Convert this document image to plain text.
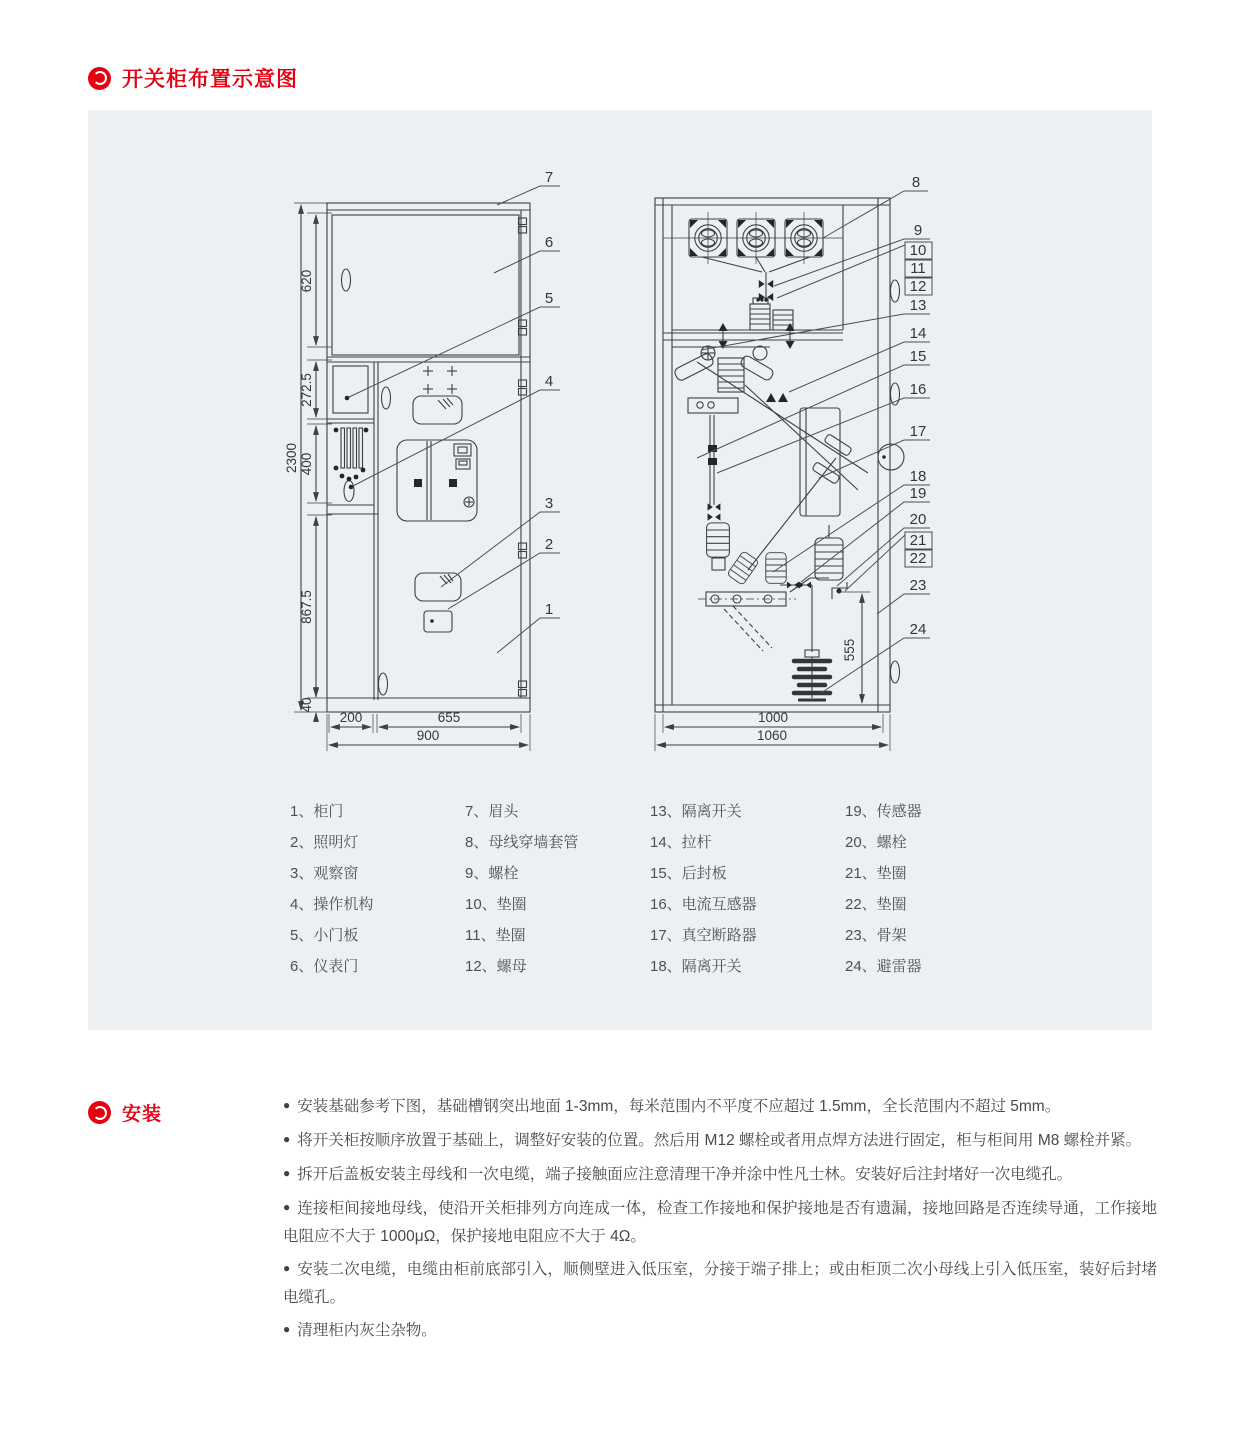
开关柜布置示意图
620
272.5
2300 400
867.5
40
200	655
900
7
6
5
4
3
2
1
555
1000
1060
8
9
10
11
12
13
14
15
16
17
18
19
20
21
22
23
24
1、柜门
2、照明灯
3、观察窗
4、操作机构
5、小门板
6、仪表门
7、眉头
8、母线穿墙套管
9、螺栓
10、垫圈
11、垫圈
12、螺母
13、隔离开关
14、拉杆
15、后封板
16、电流互感器
17、真空断路器
18、隔离开关
19、传感器
20、螺栓
21、垫圈
22、垫圈
23、骨架
24、避雷器
安装	● 安装基础参考下图，基础槽钢突出地面 1-3mm，每米范围内不平度不应超过 1.5mm，全长范围内不超过 5mm。

● 将开关柜按顺序放置于基础上，调整好安装的位置。然后用 M12 螺栓或者用点焊方法进行固定，柜与柜间用 M8 螺栓并紧。

● 拆开后盖板安装主母线和一次电缆，端子接触面应注意清理干净并涂中性凡士林。安装好后注封堵好一次电缆孔。

● 连接柜间接地母线，使沿开关柜排列方向连成一体，检查工作接地和保护接地是否有遗漏，接地回路是否连续导通，工作接地电阻应不大于 1000μΩ，保护接地电阻应不大于 4Ω。

● 安装二次电缆，电缆由柜前底部引入，顺侧壁进入低压室，分接于端子排上；或由柜顶二次小母线上引入低压室，装好后封堵电缆孔。

● 清理柜内灰尘杂物。
